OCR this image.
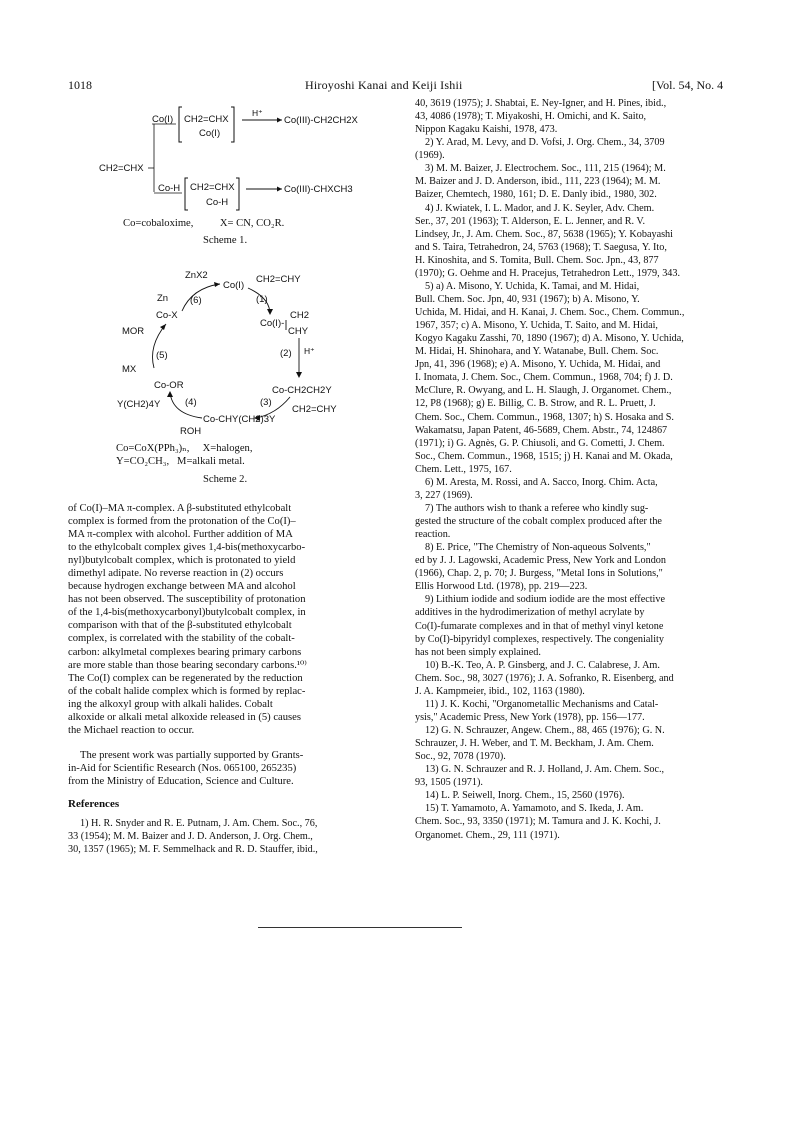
1018	Hiroyoshi Kanai and Keiji Ishii	[Vol. 54, No. 4
Co(I) CH2=CHX
Co(I)
H⁺
Co(III)-CH2CH2X
CH2=CHX
Co-H CH2=CHX
Co-H
Co(III)-CHXCH3
Co=cobaloxime,          X= CN, CO₂R.
Scheme 1.
ZnX2
Co(I)
CH2=CHY
Zn (6)	(1)
Co-X
Co(I)-
CH2
CHY
MOR
(5)	(2) H⁺
MX
Co-OR	Co-CH2CH2Y
Y(CH2)4Y	(4)	(3)
CH2=CHY
Co-CHY(CH2)3Y
ROH
Co=CoX(PPh₃)ₙ,     X=halogen,
Y=CO₂CH₃,   M=alkali metal.
Scheme 2.

of Co(I)–MA π-complex. A β-substituted ethylcobalt

complex is formed from the protonation of the Co(I)–

MA π-complex with alcohol. Further addition of MA

to the ethylcobalt complex gives 1,4-bis(methoxycarbo-

nyl)butylcobalt complex, which is protonated to yield

dimethyl adipate. No reverse reaction in (2) occurs

because hydrogen exchange between MA and alcohol

has not been observed. The susceptibility of protonation

of the 1,4-bis(methoxycarbonyl)butylcobalt complex, in

comparison with that of the β-substituted ethylcobalt

complex, is correlated with the stability of the cobalt-

carbon: alkylmetal complexes bearing primary carbons

are more stable than those bearing secondary carbons.¹⁰⁾

The Co(I) complex can be regenerated by the reduction

of the cobalt halide complex which is formed by replac-

ing the alkoxyl group with alkali halides. Cobalt

alkoxide or alkali metal alkoxide released in (5) causes

the Michael reaction to occur.

The present work was partially supported by Grants-

in-Aid for Scientific Research (Nos. 065100, 265235)

from the Ministry of Education, Science and Culture.

References

1) H. R. Snyder and R. E. Putnam, J. Am. Chem. Soc., 76,

33 (1954); M. M. Baizer and J. D. Anderson, J. Org. Chem.,

30, 1357 (1965); M. F. Semmelhack and R. D. Stauffer, ibid.,

40, 3619 (1975); J. Shabtai, E. Ney-Igner, and H. Pines, ibid.,

43, 4086 (1978); T. Miyakoshi, H. Omichi, and K. Saito,

Nippon Kagaku Kaishi, 1978, 473.

2) Y. Arad, M. Levy, and D. Vofsi, J. Org. Chem., 34, 3709

(1969).

3) M. M. Baizer, J. Electrochem. Soc., 111, 215 (1964); M.

M. Baizer and J. D. Anderson, ibid., 111, 223 (1964); M. M.

Baizer, Chemtech, 1980, 161; D. E. Danly ibid., 1980, 302.

4) J. Kwiatek, I. L. Mador, and J. K. Seyler, Adv. Chem.

Ser., 37, 201 (1963); T. Alderson, E. L. Jenner, and R. V.

Lindsey, Jr., J. Am. Chem. Soc., 87, 5638 (1965); Y. Kobayashi

and S. Taira, Tetrahedron, 24, 5763 (1968); T. Saegusa, Y. Ito,

H. Kinoshita, and S. Tomita, Bull. Chem. Soc. Jpn., 43, 877

(1970); G. Oehme and H. Pracejus, Tetrahedron Lett., 1979, 343.

5) a) A. Misono, Y. Uchida, K. Tamai, and M. Hidai,

Bull. Chem. Soc. Jpn, 40, 931 (1967); b) A. Misono, Y.

Uchida, M. Hidai, and H. Kanai, J. Chem. Soc., Chem. Commun.,

1967, 357; c) A. Misono, Y. Uchida, T. Saito, and M. Hidai,

Kogyo Kagaku Zasshi, 70, 1890 (1967); d) A. Misono, Y. Uchida,

M. Hidai, H. Shinohara, and Y. Watanabe, Bull. Chem. Soc.

Jpn, 41, 396 (1968); e) A. Misono, Y. Uchida, M. Hidai, and

I. Inomata, J. Chem. Soc., Chem. Commun., 1968, 704; f) J. D.

McClure, R. Owyang, and L. H. Slaugh, J. Organomet. Chem.,

12, P8 (1968); g) E. Billig, C. B. Strow, and R. L. Pruett, J.

Chem. Soc., Chem. Commun., 1968, 1307; h) S. Hosaka and S.

Wakamatsu, Japan Patent, 46-5689, Chem. Abstr., 74, 124867

(1971); i) G. Agnès, G. P. Chiusoli, and G. Cometti, J. Chem.

Soc., Chem. Commun., 1968, 1515; j) H. Kanai and M. Okada,

Chem. Lett., 1975, 167.

6) M. Aresta, M. Rossi, and A. Sacco, Inorg. Chim. Acta,

3, 227 (1969).

7) The authors wish to thank a referee who kindly sug-

gested the structure of the cobalt complex produced after the

reaction.

8) E. Price, "The Chemistry of Non-aqueous Solvents,"

ed by J. J. Lagowski, Academic Press, New York and London

(1966), Chap. 2, p. 70; J. Burgess, "Metal Ions in Solutions,"

Ellis Horwood Ltd. (1978), pp. 219—223.

9) Lithium iodide and sodium iodide are the most effective

additives in the hydrodimerization of methyl acrylate by

Co(I)-fumarate complexes and in that of methyl vinyl ketone

by Co(I)-bipyridyl complexes, respectively. The congeniality

has not been simply explained.

10) B.-K. Teo, A. P. Ginsberg, and J. C. Calabrese, J. Am.

Chem. Soc., 98, 3027 (1976); J. A. Sofranko, R. Eisenberg, and

J. A. Kampmeier, ibid., 102, 1163 (1980).

11) J. K. Kochi, "Organometallic Mechanisms and Catal-

ysis," Academic Press, New York (1978), pp. 156—177.

12) G. N. Schrauzer, Angew. Chem., 88, 465 (1976); G. N.

Schrauzer, J. H. Weber, and T. M. Beckham, J. Am. Chem.

Soc., 92, 7078 (1970).

13) G. N. Schrauzer and R. J. Holland, J. Am. Chem. Soc.,

93, 1505 (1971).

14) L. P. Seiwell, Inorg. Chem., 15, 2560 (1976).

15) T. Yamamoto, A. Yamamoto, and S. Ikeda, J. Am.

Chem. Soc., 93, 3350 (1971); M. Tamura and J. K. Kochi, J.

Organomet. Chem., 29, 111 (1971).
